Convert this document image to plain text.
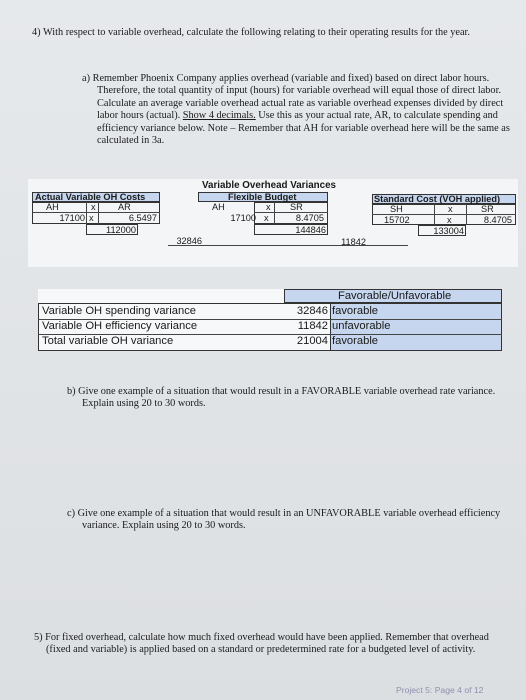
4) With respect to variable overhead, calculate the following relating to their operating results for the year.
a) Remember Phoenix Company applies overhead (variable and fixed) based on direct labor hours. Therefore, the total quantity of input (hours) for variable overhead will equal those of direct labor. Calculate an average variable overhead actual rate as variable overhead expenses divided by direct labor hours (actual). Show 4 decimals. Use this as your actual rate, AR, to calculate spending and efficiency variance below. Note – Remember that AH for variable overhead here will be the same as calculated in 3a.
Actual Variable OH Costs
AH	x AR
17100 x	6.5497
112000
Variable Overhead Variances
Flexible Budget
AH	x SR
17100 x	8.4705
144846
Standard Cost (VOH applied)
SH	x	SR
15702	x	8.4705
133004
32846	11842
Favorable/Unfavorable
Variable OH spending variance	32846 favorable
Variable OH efficiency variance	11842 unfavorable
Total variable OH variance	21004 favorable
b) Give one example of a situation that would result in a FAVORABLE variable overhead rate variance. Explain using 20 to 30 words.
c) Give one example of a situation that would result in an UNFAVORABLE variable overhead efficiency variance. Explain using 20 to 30 words.
5) For fixed overhead, calculate how much fixed overhead would have been applied. Remember that overhead (fixed and variable) is applied based on a standard or predetermined rate for a budgeted level of activity.
Project 5: Page 4 of 12
